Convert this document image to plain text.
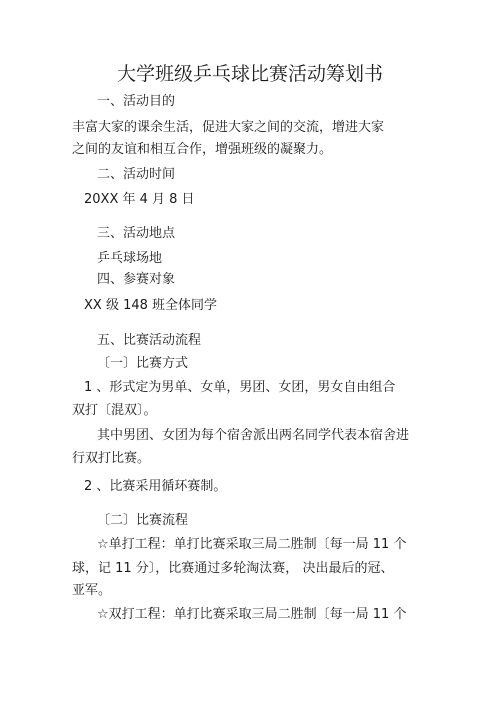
大学班级乒乓球比赛活动筹划书
一、活动目的
丰富大家的课余生活，促进大家之间的交流，增进大家
之间的友谊和相互合作，增强班级的凝聚力。
二、活动时间
20XX 年 4 月 8 日
三、活动地点
乒乓球场地
四、参赛对象
XX 级 148 班全体同学
五、比赛活动流程
〔一〕比赛方式
1 、形式定为男单、女单，男团、女团，男女自由组合
双打〔混双〕。
其中男团、女团为每个宿舍派出两名同学代表本宿舍进
行双打比赛。
2 、比赛采用循环赛制。
〔二〕比赛流程
☆单打工程：单打比赛采取三局二胜制〔每一局 11 个
球，记 11 分〕，比赛通过多轮淘汰赛， 决出最后的冠、
亚军。
☆双打工程：单打比赛采取三局二胜制〔每一局 11 个
